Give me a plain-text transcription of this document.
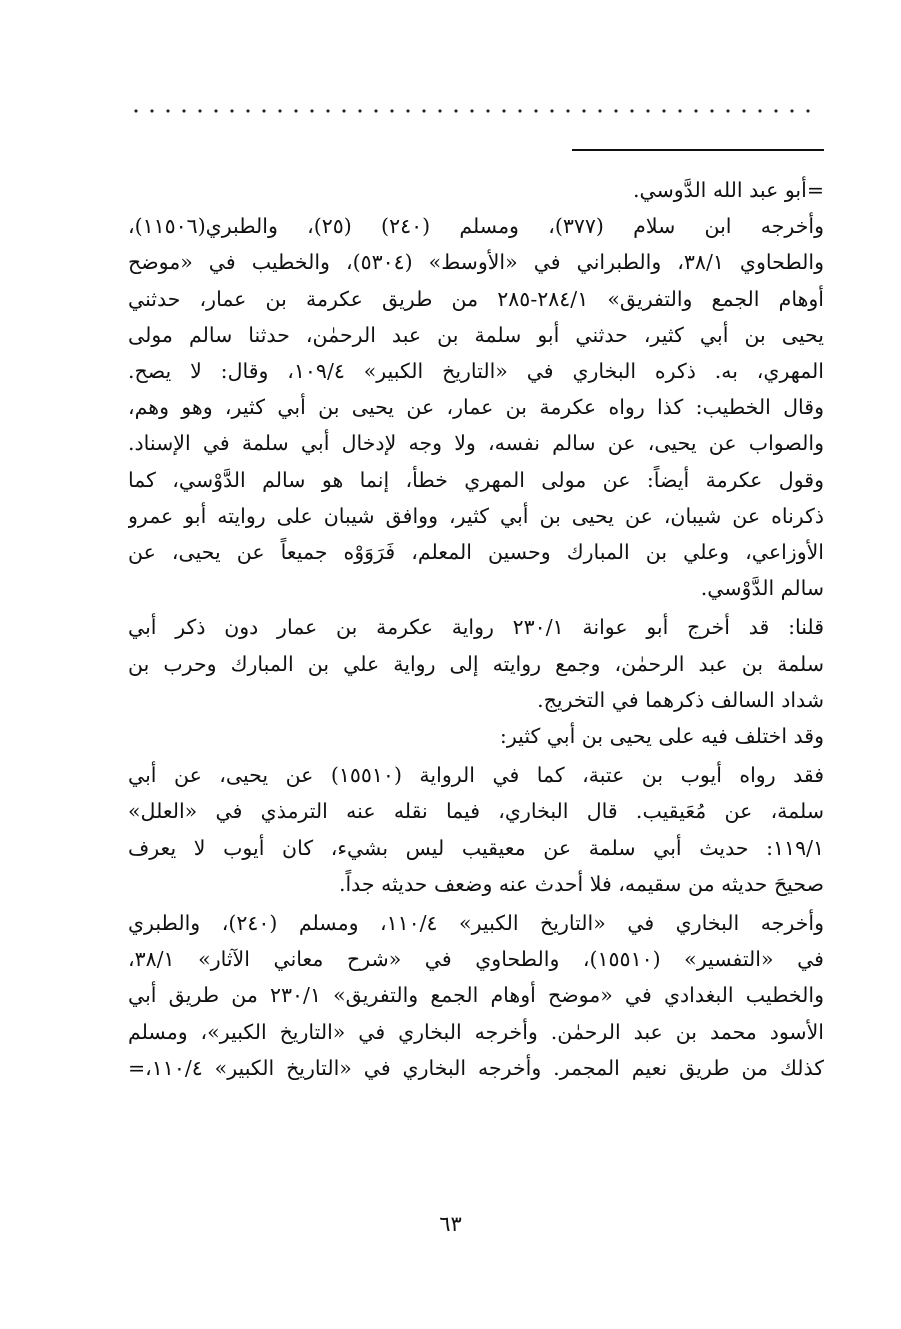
=أبو عبد الله الدَّوسي.
وأخرجه ابن سلام (٣٧٧)، ومسلم (٢٤٠) (٢٥)، والطبري(١١٥٠٦)،
والطحاوي ٣٨/١، والطبراني في «الأوسط» (٥٣٠٤)، والخطيب في «موضح
أوهام الجمع والتفريق» ٢٨٤/١-٢٨٥ من طريق عكرمة بن عمار، حدثني
يحيى بن أبي كثير، حدثني أبو سلمة بن عبد الرحمٰن، حدثنا سالم مولى
المهري، به. ذكره البخاري في «التاريخ الكبير» ١٠٩/٤، وقال: لا يصح.
وقال الخطيب: كذا رواه عكرمة بن عمار، عن يحيى بن أبي كثير، وهو وهم،
والصواب عن يحيى، عن سالم نفسه، ولا وجه لإدخال أبي سلمة في الإسناد.
وقول عكرمة أيضاً: عن مولى المهري خطأ، إنما هو سالم الدَّوْسي، كما
ذكرناه عن شيبان، عن يحيى بن أبي كثير، ووافق شيبان على روايته أبو عمرو
الأوزاعي، وعلي بن المبارك وحسين المعلم، فَرَوَوْه جميعاً عن يحيى، عن
سالم الدَّوْسي.
قلنا: قد أخرج أبو عوانة ٢٣٠/١ رواية عكرمة بن عمار دون ذكر أبي
سلمة بن عبد الرحمٰن، وجمع روايته إلى رواية علي بن المبارك وحرب بن
شداد السالف ذكرهما في التخريج.
وقد اختلف فيه على يحيى بن أبي كثير:
فقد رواه أيوب بن عتبة، كما في الرواية (١٥٥١٠) عن يحيى، عن أبي
سلمة، عن مُعَيقيب. قال البخاري، فيما نقله عنه الترمذي في «العلل»
١١٩/١: حديث أبي سلمة عن معيقيب ليس بشيء، كان أيوب لا يعرف
صحيحَ حديثه من سقيمه، فلا أحدث عنه وضعف حديثه جداً.
وأخرجه البخاري في «التاريخ الكبير» ١١٠/٤، ومسلم (٢٤٠)، والطبري
في «التفسير» (١٥٥١٠)، والطحاوي في «شرح معاني الآثار» ٣٨/١،
والخطيب البغدادي في «موضح أوهام الجمع والتفريق» ٢٣٠/١ من طريق أبي
الأسود محمد بن عبد الرحمٰن. وأخرجه البخاري في «التاريخ الكبير»، ومسلم
كذلك من طريق نعيم المجمر. وأخرجه البخاري في «التاريخ الكبير» ١١٠/٤،=
٦٣
